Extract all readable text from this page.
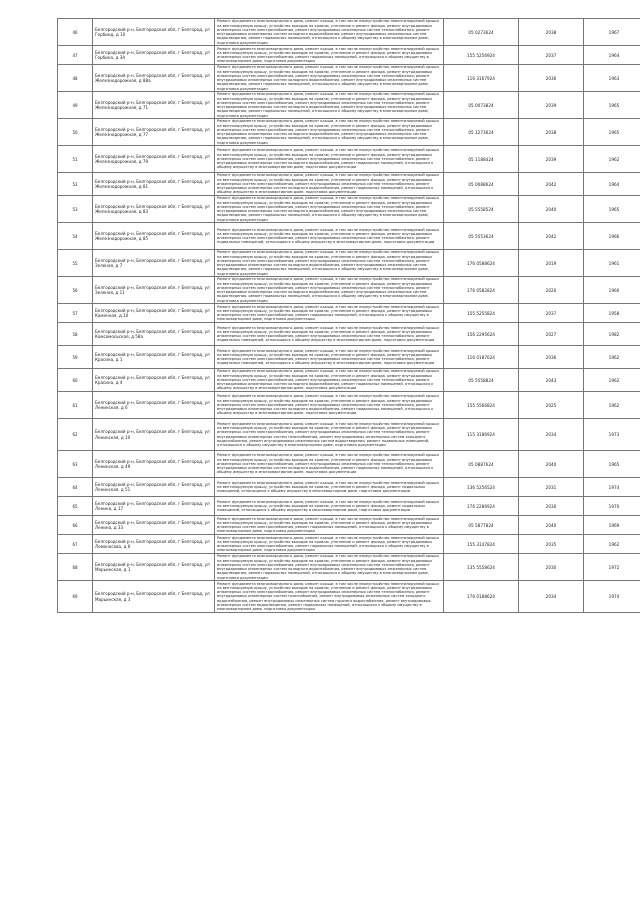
46	Белгородский р-н, Белгородская обл, г Белгород, ул Гербинд, д 10	Ремонт фундамента многоквартирного дома, ремонт крыши, в том числе переустройство невентилируемой крыши на вентилируемую крышу, устройство выходов на кровлю, утепление и ремонт фасада, ремонт внутридомовых инженерных систем электроснабжения, ремонт внутридомовых инженерных систем теплоснабжения, ремонт внутридомовых инженерных систем холодного водоснабжения, ремонт внутридомовых инженерных систем водоотведения, ремонт подвальных помещений, относящихся к общему имуществу в многоквартирном доме, подготовка документации	05 0273624	2038	1967
47	Белгородский р-н, Белгородская обл, г Белгород, ул Гербина, д 3А	Ремонт фундамента многоквартирного дома, ремонт крыши, в том числе переустройство невентилируемой крыши на вентилируемую крышу, устройство выходов на кровлю, утепление и ремонт фасада, ремонт внутридомовых инженерных систем электроснабжения, ремонт подвальных помещений, относящихся к общему имуществу в многоквартирном доме, подготовка документации	155 5256924	2037	1964
48	Белгородский р-н, Белгородская обл, г Белгород, ул Железнодорожная, д 88а	Ремонт фундамента многоквартирного дома, ремонт крыши, в том числе переустройство невентилируемой крыши на вентилируемую крышу, устройство выходов на кровлю, утепление и ремонт фасада, ремонт внутридомовых инженерных систем электроснабжения, ремонт внутридомовых инженерных систем теплоснабжения, ремонт внутридомовых инженерных систем холодного водоснабжения, ремонт внутридомовых инженерных систем водоотведения, ремонт подвальных помещений, относящихся к общему имуществу в многоквартирном доме, подготовка документации	116 3167924	2036	1963
49	Белгородский р-н, Белгородская обл, г Белгород, ул Железнодорожная, д 71	Ремонт фундамента многоквартирного дома, ремонт крыши, в том числе переустройство невентилируемой крыши на вентилируемую крышу, устройство выходов на кровлю, утепление и ремонт фасада, ремонт внутридомовых инженерных систем электроснабжения, ремонт внутридомовых инженерных систем теплоснабжения, ремонт внутридомовых инженерных систем холодного водоснабжения, ремонт внутридомовых инженерных систем водоотведения, ремонт подвальных помещений, относящихся к общему имуществу в многоквартирном доме, подготовка документации	05 0073824	2039	1965
50	Белгородский р-н, Белгородская обл, г Белгород, ул Железнодорожная, д 77	Ремонт фундамента многоквартирного дома, ремонт крыши, в том числе переустройство невентилируемой крыши на вентилируемую крышу, устройство выходов на кровлю, утепление и ремонт фасада, ремонт внутридомовых инженерных систем электроснабжения, ремонт внутридомовых инженерных систем теплоснабжения, ремонт внутридомовых инженерных систем холодного водоснабжения, ремонт внутридомовых инженерных систем водоотведения, ремонт подвальных помещений, относящихся к общему имуществу в многоквартирном доме, подготовка документации	05 1273624	2038	1965
51	Белгородский р-н, Белгородская обл, г Белгород, ул Железнодорожная, д 79	Ремонт фундамента многоквартирного дома, ремонт крыши, в том числе переустройство невентилируемой крыши на вентилируемую крышу, устройство выходов на кровлю, утепление и ремонт фасада, ремонт внутридомовых инженерных систем электроснабжения, ремонт внутридомовых инженерных систем теплоснабжения, ремонт внутридомовых инженерных систем холодного водоснабжения, ремонт подвальных помещений, относящихся к общему имуществу в многоквартирном доме, подготовка документации	05 1188424	2039	1962
52	Белгородский р-н, Белгородская обл, г Белгород, ул Железнодорожная, д 81	Ремонт фундамента многоквартирного дома, ремонт крыши, в том числе переустройство невентилируемой крыши на вентилируемую крышу, устройство выходов на кровлю, утепление и ремонт фасада, ремонт внутридомовых инженерных систем электроснабжения, ремонт внутридомовых инженерных систем теплоснабжения, ремонт внутридомовых инженерных систем холодного водоснабжения, ремонт подвальных помещений, относящихся к общему имуществу в многоквартирном доме, подготовка документации	05 0088624	2042	1964
53	Белгородский р-н, Белгородская обл, г Белгород, ул Железнодорожная, д 83	Ремонт фундамента многоквартирного дома, ремонт крыши, в том числе переустройство невентилируемой крыши на вентилируемую крышу, устройство выходов на кровлю, утепление и ремонт фасада, ремонт внутридомовых инженерных систем электроснабжения, ремонт внутридомовых инженерных систем теплоснабжения, ремонт внутридомовых инженерных систем холодного водоснабжения, ремонт внутридомовых инженерных систем водоотведения, ремонт подвальных помещений, относящихся к общему имуществу в многоквартирном доме, подготовка документации	05 5558524	2040	1965
54	Белгородский р-н, Белгородская обл, г Белгород, ул Железнодорожная, д 85	Ремонт фундамента многоквартирного дома, ремонт крыши, в том числе переустройство невентилируемой крыши на вентилируемую крышу, устройство выходов на кровлю, утепление и ремонт фасада, ремонт внутридомовых инженерных систем электроснабжения, ремонт внутридомовых инженерных систем теплоснабжения, ремонт подвальных помещений, относящихся к общему имуществу в многоквартирном доме, подготовка документации	05 5553624	2042	1966
55	Белгородский р-н, Белгородская обл, г Белгород, ул Зеленая, д 7	Ремонт фундамента многоквартирного дома, ремонт крыши, в том числе переустройство невентилируемой крыши на вентилируемую крышу, устройство выходов на кровлю, утепление и ремонт фасада, ремонт внутридомовых инженерных систем электроснабжения, ремонт внутридомовых инженерных систем теплоснабжения, ремонт внутридомовых инженерных систем холодного водоснабжения, ремонт внутридомовых инженерных систем водоотведения, ремонт подвальных помещений, относящихся к общему имуществу в многоквартирном доме, подготовка документации	176 0588624	2019	1961
56	Белгородский р-н, Белгородская обл, г Белгород, ул Зеленая, д 11	Ремонт фундамента многоквартирного дома, ремонт крыши, в том числе переустройство невентилируемой крыши на вентилируемую крышу, устройство выходов на кровлю, утепление и ремонт фасада, ремонт внутридомовых инженерных систем электроснабжения, ремонт внутридомовых инженерных систем теплоснабжения, ремонт внутридомовых инженерных систем холодного водоснабжения, ремонт внутридомовых инженерных систем водоотведения, ремонт подвальных помещений, относящихся к общему имуществу в многоквартирном доме, подготовка документации	176 0582824	2020	1960
57	Белгородский р-н, Белгородская обл, г Белгород, ул Каменная, д 10	Ремонт фундамента многоквартирного дома, ремонт крыши, в том числе переустройство невентилируемой крыши на вентилируемую крышу, устройство выходов на кровлю, утепление и ремонт фасада, ремонт внутридомовых инженерных систем электроснабжения, ремонт подвальных помещений, относящихся к общему имуществу в многоквартирном доме, подготовка документации	155 5255824	2037	1958
58	Белгородский р-н, Белгородская обл, г Белгород, ул Комсомольская, д 58а	Ремонт фундамента многоквартирного дома, ремонт крыши, в том числе переустройство невентилируемой крыши на вентилируемую крышу, устройство выходов на кровлю, утепление и ремонт фасада, ремонт внутридомовых инженерных систем электроснабжения, ремонт внутридомовых инженерных систем теплоснабжения, ремонт подвальных помещений, относящихся к общему имуществу в многоквартирном доме, подготовка документации	156 2295624	2027	1982
59	Белгородский р-н, Белгородская обл, г Белгород, ул Красина, д 1	Ремонт фундамента многоквартирного дома, ремонт крыши, в том числе переустройство невентилируемой крыши на вентилируемую крышу, устройство выходов на кровлю, утепление и ремонт фасада, ремонт внутридомовых инженерных систем электроснабжения, ремонт внутридомовых инженерных систем теплоснабжения, ремонт подвальных помещений, относящихся к общему имуществу в многоквартирном доме, подготовка документации	116 0187624	2036	1962
60	Белгородский р-н, Белгородская обл, г Белгород, ул Красина, д 4	Ремонт фундамента многоквартирного дома, ремонт крыши, в том числе переустройство невентилируемой крыши на вентилируемую крышу, устройство выходов на кровлю, утепление и ремонт фасада, ремонт внутридомовых инженерных систем электроснабжения, ремонт внутридомовых инженерных систем теплоснабжения, ремонт внутридомовых инженерных систем холодного водоснабжения, ремонт подвальных помещений, относящихся к общему имуществу в многоквартирном доме, подготовка документации	05 5558824	2043	1962
61	Белгородский р-н, Белгородская обл, г Белгород, ул Ленинская, д 6	Ремонт фундамента многоквартирного дома, ремонт крыши, в том числе переустройство невентилируемой крыши на вентилируемую крышу, устройство выходов на кровлю, утепление и ремонт фасада, ремонт внутридомовых инженерных систем электроснабжения, ремонт внутридомовых инженерных систем теплоснабжения, ремонт внутридомовых инженерных систем холодного водоснабжения, ремонт подвальных помещений, относящихся к общему имуществу в многоквартирном доме, подготовка документации	155 5566824	2025	1962
62	Белгородский р-н, Белгородская обл, г Белгород, ул Ленинская, д 10	Ремонт фундамента многоквартирного дома, ремонт крыши, в том числе переустройство невентилируемой крыши на вентилируемую крышу, устройство выходов на кровлю, утепление и ремонт фасада, ремонт внутридомовых инженерных систем электроснабжения, ремонт внутридомовых инженерных систем теплоснабжения, ремонт внутридомовых инженерных систем газоснабжения, ремонт внутридомовых инженерных систем холодного водоснабжения, ремонт внутридомовых инженерных систем водоотведения, ремонт подвальных помещений, относящихся к общему имуществу в многоквартирном доме, подготовка документации	115 3186924	2034	1973
63	Белгородский р-н, Белгородская обл, г Белгород, ул Ленинская, д 49	Ремонт фундамента многоквартирного дома, ремонт крыши, в том числе переустройство невентилируемой крыши на вентилируемую крышу, устройство выходов на кровлю, утепление и ремонт фасада, ремонт внутридомовых инженерных систем электроснабжения, ремонт внутридомовых инженерных систем теплоснабжения, ремонт внутридомовых инженерных систем холодного водоснабжения, ремонт подвальных помещений, относящихся к общему имуществу в многоквартирном доме, подготовка документации	05 0887624	2040	1965
64	Белгородский р-н, Белгородская обл, г Белгород, ул Ленинская, д 51	Ремонт фундамента многоквартирного дома, ремонт крыши, в том числе переустройство невентилируемой крыши на вентилируемую крышу, устройство выходов на кровлю, утепление и ремонт фасада, ремонт подвальных помещений, относящихся к общему имуществу в многоквартирном доме, подготовка документации	136 5256524	2031	1974
65	Белгородский р-н, Белгородская обл, г Белгород, ул Ленина, д 17	Ремонт фундамента многоквартирного дома, ремонт крыши, в том числе переустройство невентилируемой крыши на вентилируемую крышу, устройство выходов на кровлю, утепление и ремонт фасада, ремонт подвальных помещений, относящихся к общему имуществу в многоквартирном доме, подготовка документации	176 2286924	2030	1970
66	Белгородский р-н, Белгородская обл, г Белгород, ул Ленина, д 33	Ремонт фундамента многоквартирного дома, ремонт крыши, в том числе переустройство невентилируемой крыши на вентилируемую крышу, устройство выходов на кровлю, утепление и ремонт фасада, ремонт внутридомовых инженерных систем электроснабжения, ремонт подвальных помещений, относящихся к общему имуществу в многоквартирном доме, подготовка документации	05 5877824	2040	1969
67	Белгородский р-н, Белгородская обл, г Белгород, ул Ломоносова, д 6	Ремонт фундамента многоквартирного дома, ремонт крыши, в том числе переустройство невентилируемой крыши на вентилируемую крышу, устройство выходов на кровлю, утепление и ремонт фасада, ремонт внутридомовых инженерных систем электроснабжения, ремонт подвальных помещений, относящихся к общему имуществу в многоквартирном доме, подготовка документации	155 3147824	2035	1962
68	Белгородский р-н, Белгородская обл, г Белгород, ул Марьинская, д 1	Ремонт фундамента многоквартирного дома, ремонт крыши, в том числе переустройство невентилируемой крыши на вентилируемую крышу, устройство выходов на кровлю, утепление и ремонт фасада, ремонт внутридомовых инженерных систем электроснабжения, ремонт внутридомовых инженерных систем теплоснабжения, ремонт внутридомовых инженерных систем холодного водоснабжения, ремонт внутридомовых инженерных систем водоотведения, ремонт подвальных помещений, относящихся к общему имуществу в многоквартирном доме, подготовка документации	135 5558624	2030	1972
69	Белгородский р-н, Белгородская обл, г Белгород, ул Марьинская, д 3	Ремонт фундамента многоквартирного дома, ремонт крыши, в том числе переустройство невентилируемой крыши на вентилируемую крышу, устройство выходов на кровлю, утепление и ремонт фасада, ремонт внутридомовых инженерных систем электроснабжения, ремонт внутридомовых инженерных систем теплоснабжения, ремонт внутридомовых инженерных систем газоснабжения, ремонт внутридомовых инженерных систем холодного водоснабжения, ремонт внутридомовых инженерных систем горячего водоснабжения, ремонт внутридомовых инженерных систем водоотведения, ремонт подвальных помещений, относящихся к общему имуществу в многоквартирном доме, подготовка документации	176 0188624	2034	1974
